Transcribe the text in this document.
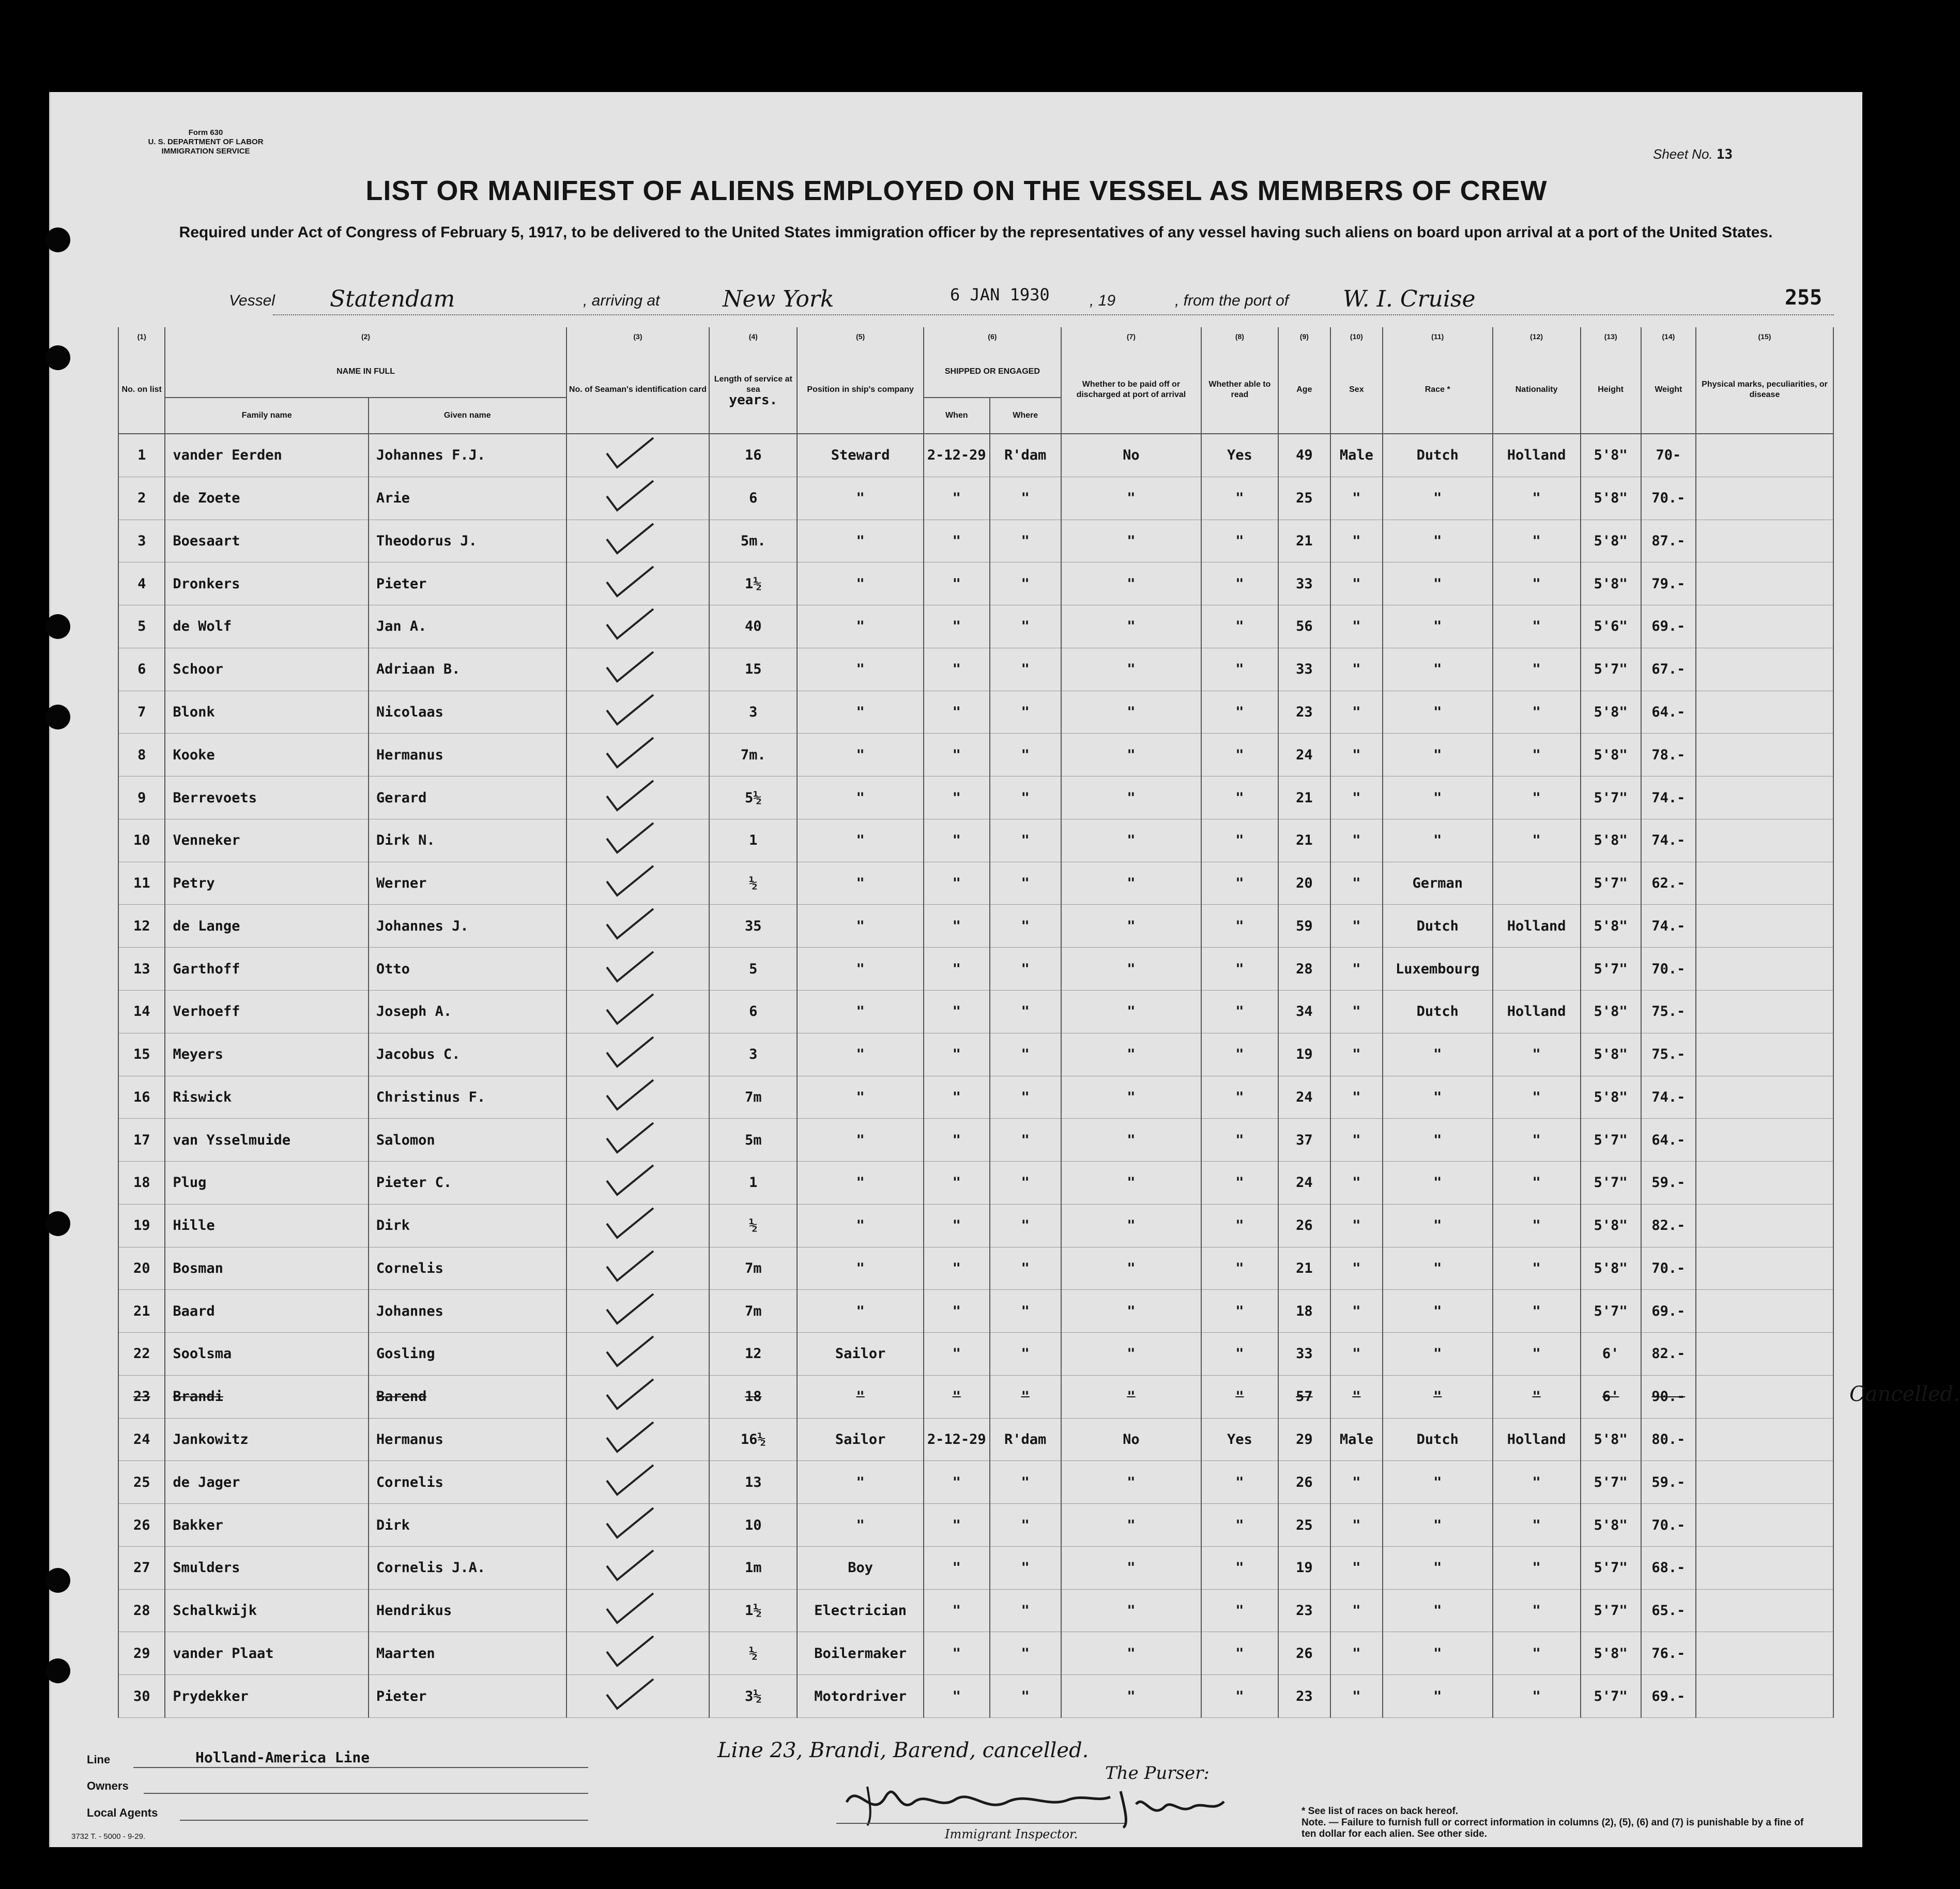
Form 630
U. S. DEPARTMENT OF LABOR
IMMIGRATION SERVICE	Sheet No. 13
LIST OR MANIFEST OF ALIENS EMPLOYED ON THE VESSEL AS MEMBERS OF CREW
Required under Act of Congress of February 5, 1917, to be delivered to the United States immigration officer by the representatives of any vessel having such aliens on board upon arrival at a port of the United States.
Vessel Statendam	, arriving at	New York	6 JAN 1930	, 19	, from the port of W. I. Cruise	255
(1)	(2)		(3)	(4)	(5)	(6)		(7)	(8)	(9)	(10)	(11)	(12)	(13)	(14)	(15)
No. on list	NAME IN FULL		No. of Seaman's identification card	Length of service at sea
years.	Position in ship's company	SHIPPED OR ENGAGED		Whether to be paid off or discharged at port of arrival	Whether able to read	Age	Sex	Race *	Nationality	Height	Weight	Physical marks, peculiarities, or disease
	Family name	Given name				When	Where									
1	vander Eerden	Johannes F.J.		16	Steward	2-12-29	R'dam	No	Yes	49	Male	Dutch	Holland	5'8"	70-	
2	de Zoete	Arie		6	"	"	"	"	"	25	"	"	"	5'8"	70.-	
3	Boesaart	Theodorus J.		5m.	"	"	"	"	"	21	"	"	"	5'8"	87.-	
4	Dronkers	Pieter		1½	"	"	"	"	"	33	"	"	"	5'8"	79.-	
5	de Wolf	Jan A.		40	"	"	"	"	"	56	"	"	"	5'6"	69.-	
6	Schoor	Adriaan B.		15	"	"	"	"	"	33	"	"	"	5'7"	67.-	
7	Blonk	Nicolaas		3	"	"	"	"	"	23	"	"	"	5'8"	64.-	
8	Kooke	Hermanus		7m.	"	"	"	"	"	24	"	"	"	5'8"	78.-	
9	Berrevoets	Gerard		5½	"	"	"	"	"	21	"	"	"	5'7"	74.-	
10	Venneker	Dirk N.		1	"	"	"	"	"	21	"	"	"	5'8"	74.-	
11	Petry	Werner		½	"	"	"	"	"	20	"	German		5'7"	62.-	
12	de Lange	Johannes J.		35	"	"	"	"	"	59	"	Dutch	Holland	5'8"	74.-	
13	Garthoff	Otto		5	"	"	"	"	"	28	"	Luxembourg		5'7"	70.-	
14	Verhoeff	Joseph A.		6	"	"	"	"	"	34	"	Dutch	Holland	5'8"	75.-	
15	Meyers	Jacobus C.		3	"	"	"	"	"	19	"	"	"	5'8"	75.-	
16	Riswick	Christinus F.		7m	"	"	"	"	"	24	"	"	"	5'8"	74.-	
17	van Ysselmuide	Salomon		5m	"	"	"	"	"	37	"	"	"	5'7"	64.-	
18	Plug	Pieter C.		1	"	"	"	"	"	24	"	"	"	5'7"	59.-	
19	Hille	Dirk		½	"	"	"	"	"	26	"	"	"	5'8"	82.-	
20	Bosman	Cornelis		7m	"	"	"	"	"	21	"	"	"	5'8"	70.-	
21	Baard	Johannes		7m	"	"	"	"	"	18	"	"	"	5'7"	69.-	
22	Soolsma	Gosling		12	Sailor	"	"	"	"	33	"	"	"	6'	82.-	
23	Brandi	Barend		18	"	"	"	"	"	57	"	"	"	6'	90.-	
24	Jankowitz	Hermanus		16½	Sailor	2-12-29	R'dam	No	Yes	29	Male	Dutch	Holland	5'8"	80.-	
25	de Jager	Cornelis		13	"	"	"	"	"	26	"	"	"	5'7"	59.-	
26	Bakker	Dirk		10	"	"	"	"	"	25	"	"	"	5'8"	70.-	
27	Smulders	Cornelis J.A.		1m	Boy	"	"	"	"	19	"	"	"	5'7"	68.-	
28	Schalkwijk	Hendrikus		1½	Electrician	"	"	"	"	23	"	"	"	5'7"	65.-	
29	vander Plaat	Maarten		½	Boilermaker	"	"	"	"	26	"	"	"	5'8"	76.-	
30	Prydekker	Pieter		3½	Motordriver	"	"	"	"	23	"	"	"	5'7"	69.-	
Cancelled.
Line	Holland-America Line
Owners
Local Agents
3732 T. - 5000 - 9-29.
Line 23, Brandi, Barend, cancelled.
The Purser:
Immigrant Inspector.
* See list of races on back hereof.
Note. — Failure to furnish full or correct information in columns (2), (5), (6) and (7) is punishable by a fine of ten dollar for each alien. See other side.
